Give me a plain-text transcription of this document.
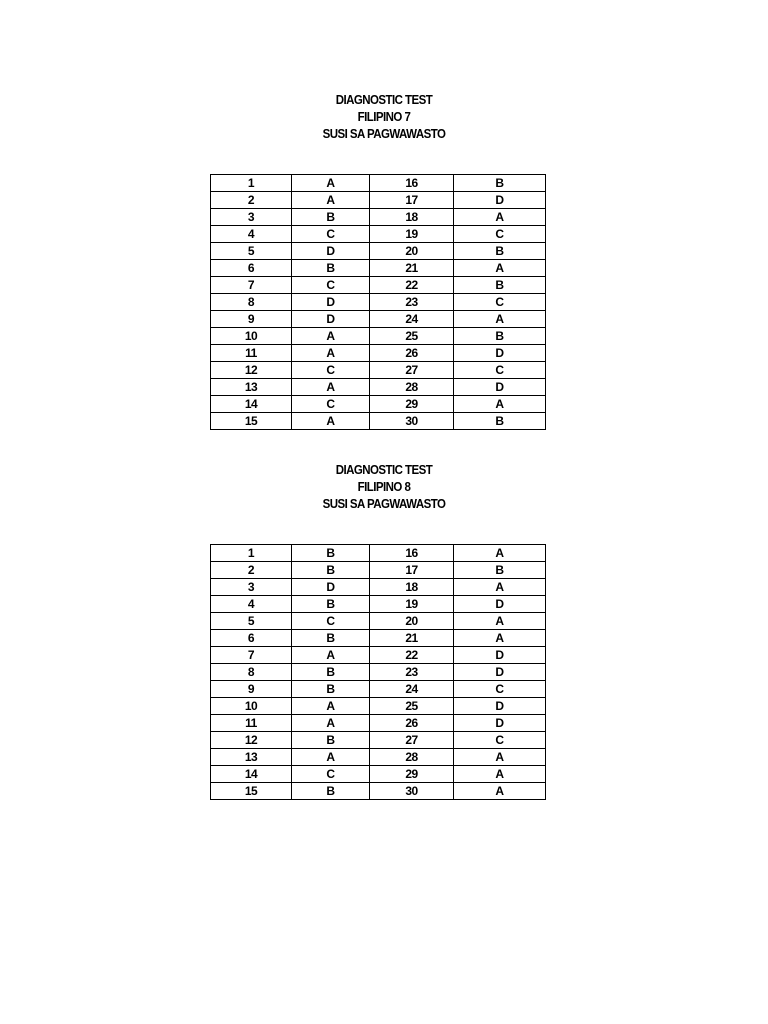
DIAGNOSTIC TEST
FILIPINO 7
SUSI SA PAGWAWASTO
1	A	16	B
2	A	17	D
3	B	18	A
4	C	19	C
5	D	20	B
6	B	21	A
7	C	22	B
8	D	23	C
9	D	24	A
10	A	25	B
11	A	26	D
12	C	27	C
13	A	28	D
14	C	29	A
15	A	30	B
DIAGNOSTIC TEST
FILIPINO 8
SUSI SA PAGWAWASTO
1	B	16	A
2	B	17	B
3	D	18	A
4	B	19	D
5	C	20	A
6	B	21	A
7	A	22	D
8	B	23	D
9	B	24	C
10	A	25	D
11	A	26	D
12	B	27	C
13	A	28	A
14	C	29	A
15	B	30	A
